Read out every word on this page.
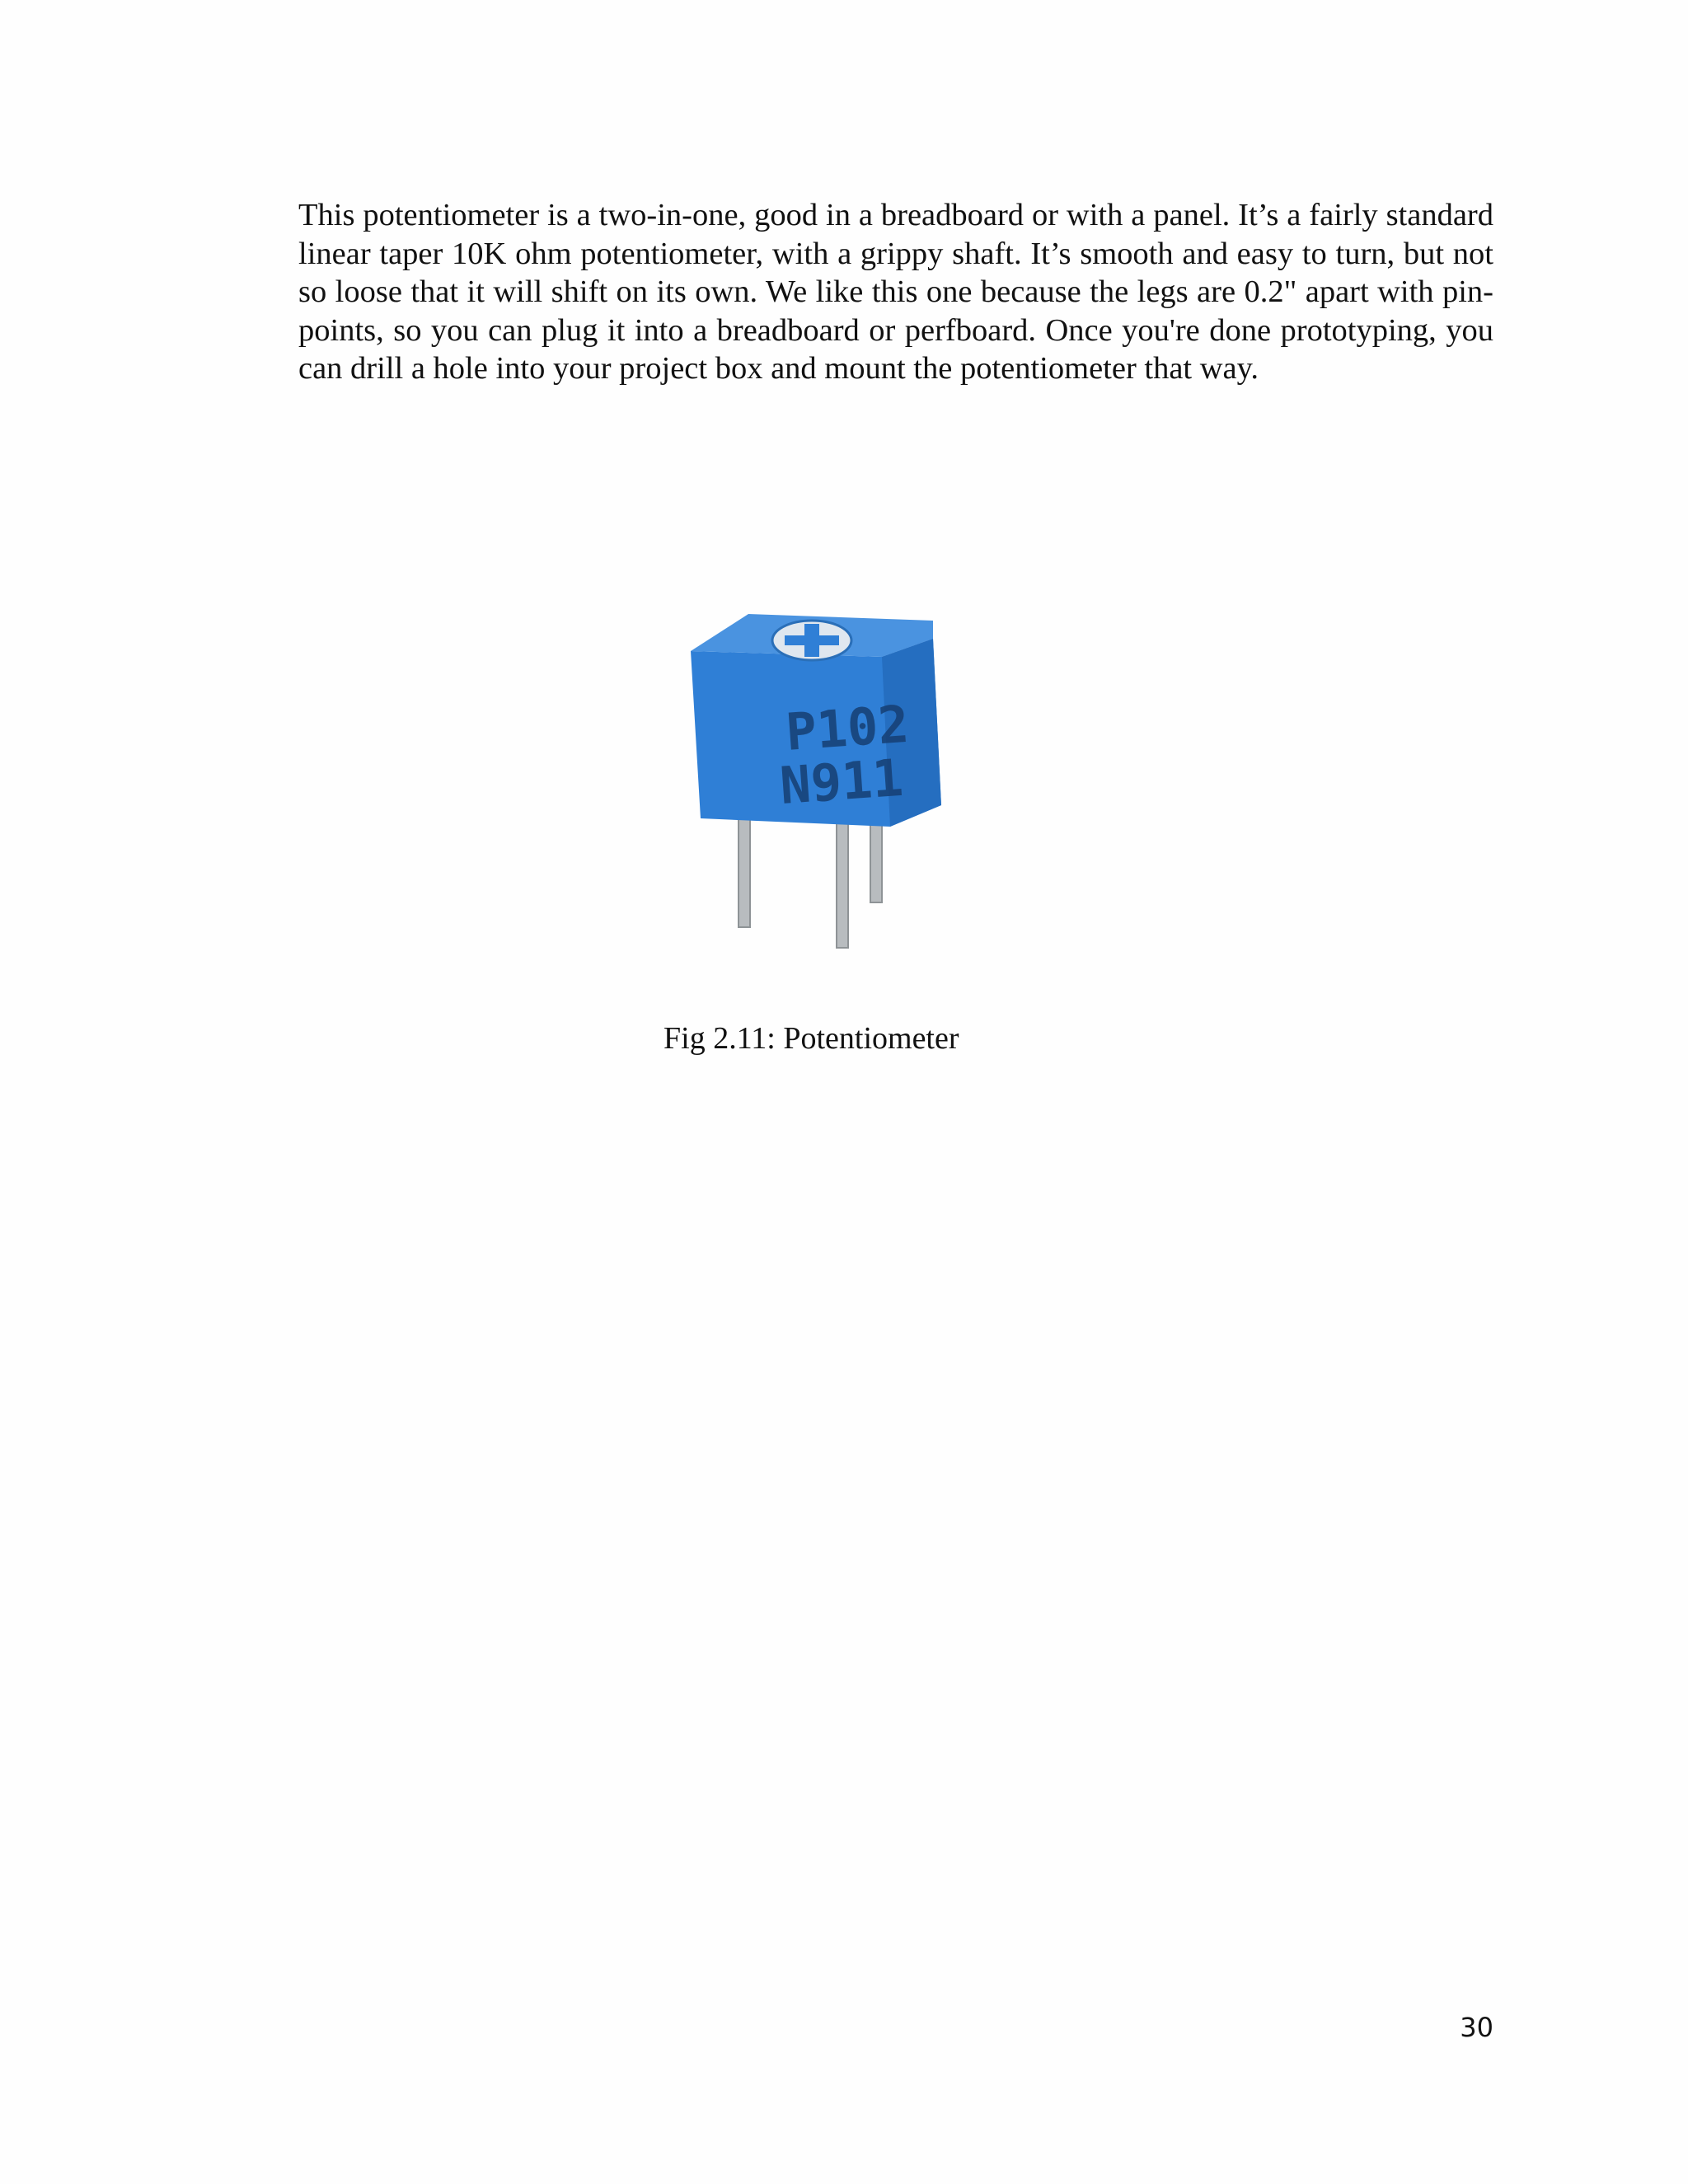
This potentiometer is a two-in-one, good in a breadboard or with a panel. It’s a fairly standard linear taper 10K ohm potentiometer, with a grippy shaft. It’s smooth and easy to turn, but not so loose that it will shift on its own. We like this one because the legs are 0.2" apart with pin-points, so you can plug it into a breadboard or perfboard. Once you're done prototyping, you can drill a hole into your project box and mount the potentiometer that way.

P102
N911

Fig 2.11: Potentiometer

30
